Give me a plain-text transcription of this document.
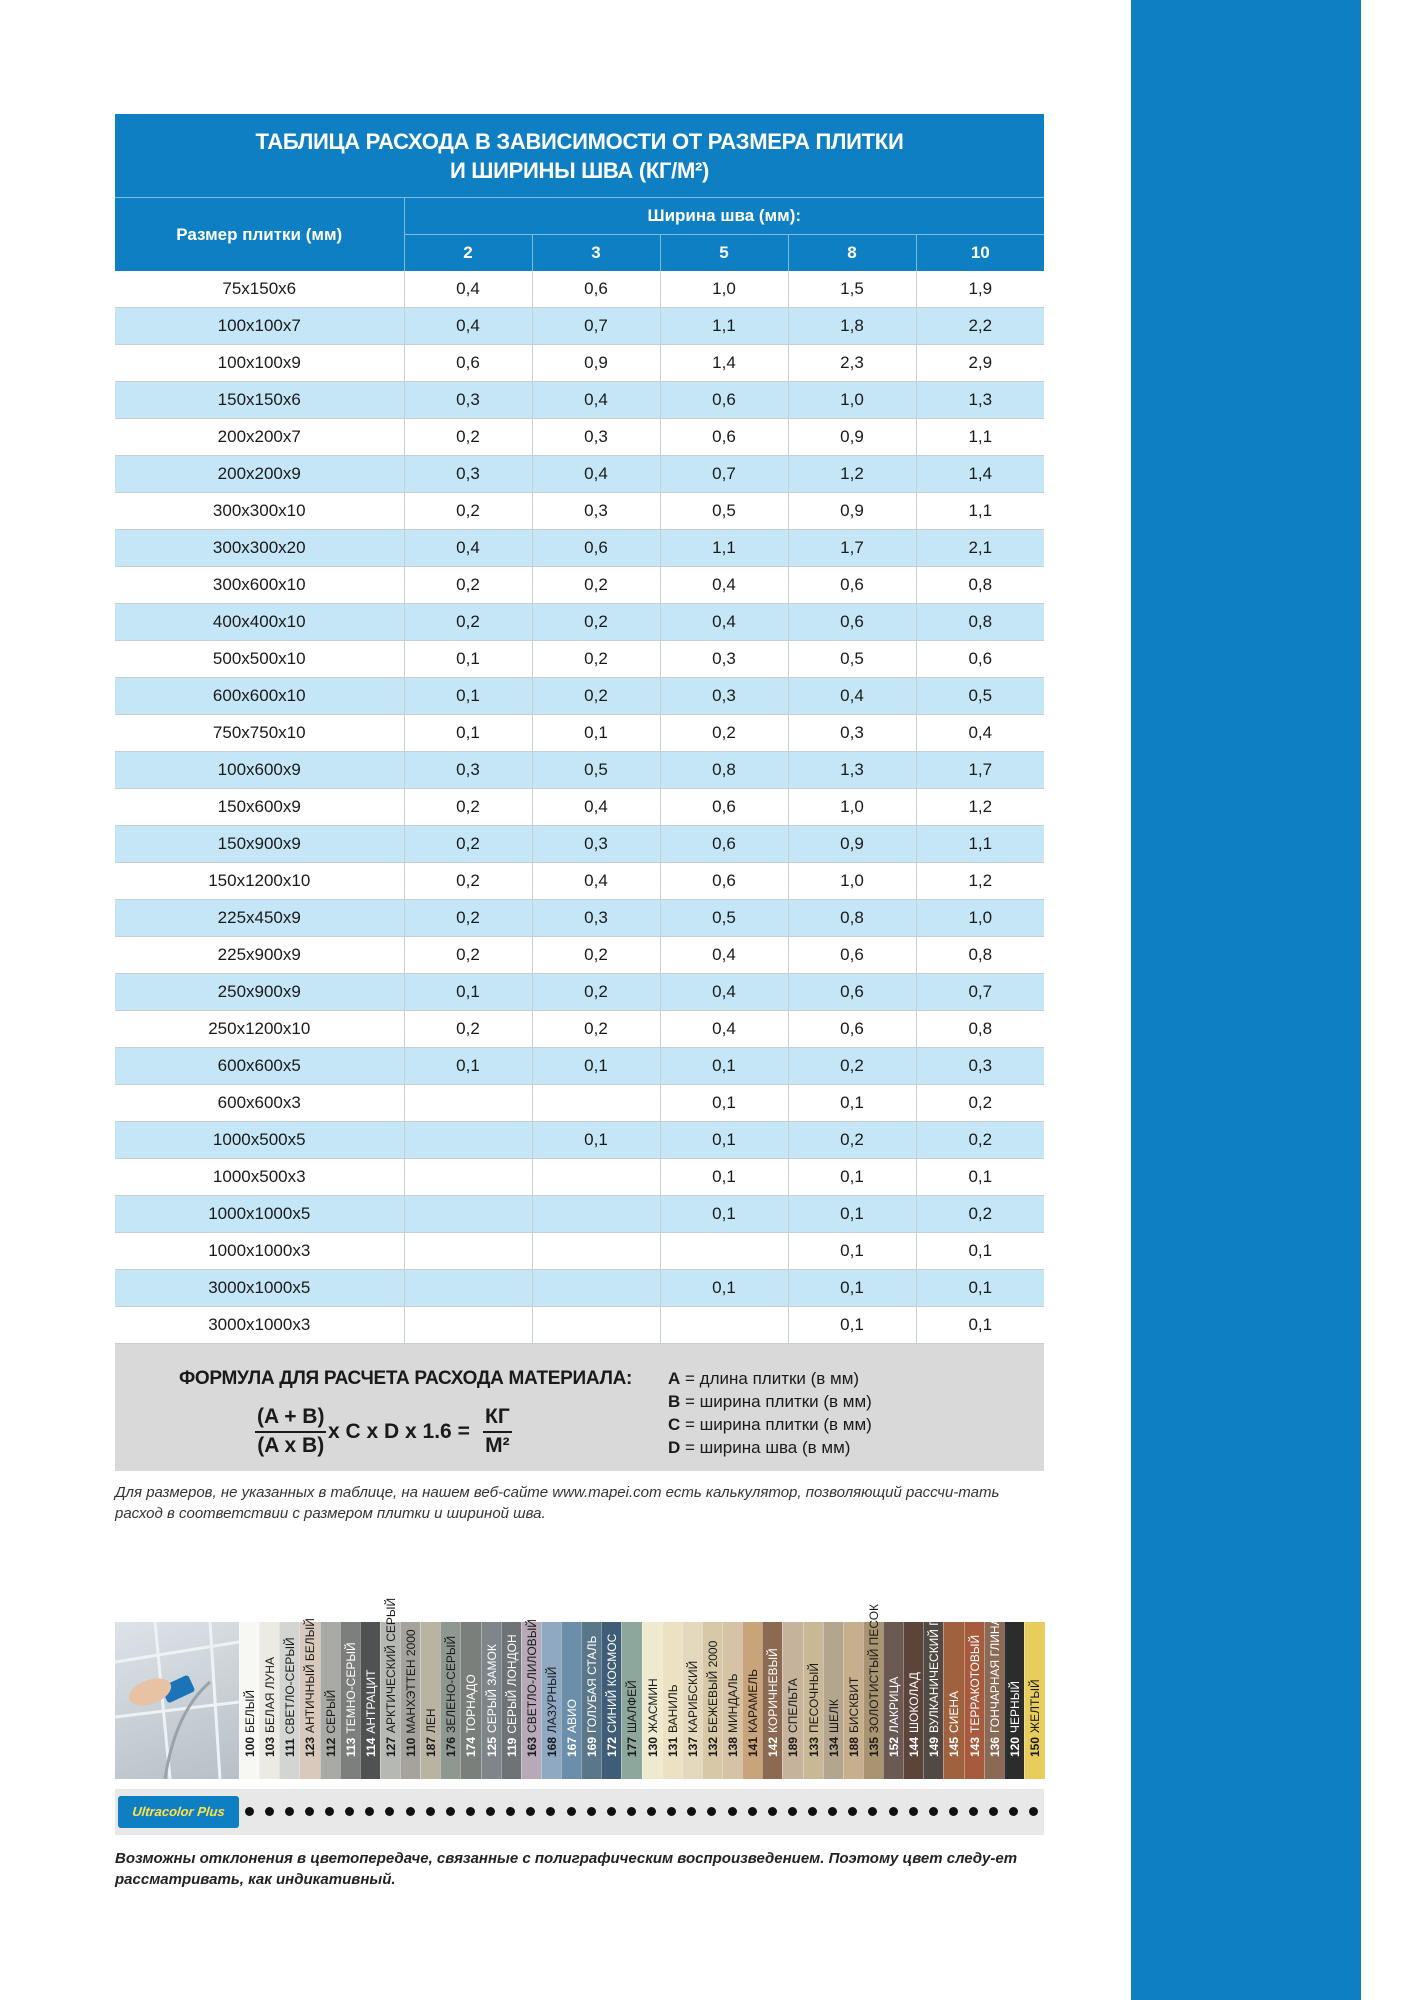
ТАБЛИЦА РАСХОДА В ЗАВИСИМОСТИ ОТ РАЗМЕРА ПЛИТКИ
И ШИРИНЫ ШВА (КГ/М²)
Размер плитки (мм)	Ширина шва (мм):				
	2	3	5	8	10
75x150x6	0,4	0,6	1,0	1,5	1,9
100x100x7	0,4	0,7	1,1	1,8	2,2
100x100x9	0,6	0,9	1,4	2,3	2,9
150x150x6	0,3	0,4	0,6	1,0	1,3
200x200x7	0,2	0,3	0,6	0,9	1,1
200x200x9	0,3	0,4	0,7	1,2	1,4
300x300x10	0,2	0,3	0,5	0,9	1,1
300x300x20	0,4	0,6	1,1	1,7	2,1
300x600x10	0,2	0,2	0,4	0,6	0,8
400x400x10	0,2	0,2	0,4	0,6	0,8
500x500x10	0,1	0,2	0,3	0,5	0,6
600x600x10	0,1	0,2	0,3	0,4	0,5
750x750x10	0,1	0,1	0,2	0,3	0,4
100x600x9	0,3	0,5	0,8	1,3	1,7
150x600x9	0,2	0,4	0,6	1,0	1,2
150x900x9	0,2	0,3	0,6	0,9	1,1
150x1200x10	0,2	0,4	0,6	1,0	1,2
225x450x9	0,2	0,3	0,5	0,8	1,0
225x900x9	0,2	0,2	0,4	0,6	0,8
250x900x9	0,1	0,2	0,4	0,6	0,7
250x1200x10	0,2	0,2	0,4	0,6	0,8
600x600x5	0,1	0,1	0,1	0,2	0,3
600x600x3			0,1	0,1	0,2
1000x500x5		0,1	0,1	0,2	0,2
1000x500x3			0,1	0,1	0,1
1000x1000x5			0,1	0,1	0,2
1000x1000x3				0,1	0,1
3000x1000x5			0,1	0,1	0,1
3000x1000x3				0,1	0,1
ФОРМУЛА ДЛЯ РАСЧЕТА РАСХОДА МАТЕРИАЛА:
$\frac{(A + B)}{\text{(A x B)}}$ x C x D x 1.6 =
КГ
М²
A = длина плитки (в мм)
B = ширина плитки (в мм)
C = ширина плитки (в мм)
D = ширина шва (в мм)
Для размеров, не указанных в таблице, на нашем веб-сайте www.mapei.com есть калькулятор, позволяющий рассчи-тать расход в соответствии с размером плитки и шириной шва.
100БЕЛЫЙ
103БЕЛАЯ ЛУНА
111СВЕТЛО-СЕРЫЙ
123АНТИЧНЫЙ БЕЛЫЙ
112СЕРЫЙ
113ТЕМНО-СЕРЫЙ
114АНТРАЦИТ
127АРКТИЧЕСКИЙ СЕРЫЙ
110МАНХЭТТЕН 2000
187ЛЕН
176ЗЕЛЕНО-СЕРЫЙ
174ТОРНАДО
125СЕРЫЙ ЗАМОК
119СЕРЫЙ ЛОНДОН
163СВЕТЛО-ЛИЛОВЫЙ
168ЛАЗУРНЫЙ
167АВИО
169ГОЛУБАЯ СТАЛЬ
172СИНИЙ КОСМОС
177ШАЛФЕЙ
130ЖАСМИН
131ВАНИЛЬ
137КАРИБСКИЙ
132БЕЖЕВЫЙ 2000
138МИНДАЛЬ
141КАРАМЕЛЬ
142КОРИЧНЕВЫЙ
189СПЕЛЬТА
133ПЕСОЧНЫЙ
134ШЕЛК
188БИСКВИТ
135ЗОЛОТИСТЫЙ ПЕСОК
152ЛАКРИЦА
144ШОКОЛАД
149ВУЛКАНИЧЕСКИЙ ПЕСОК
145СИЕНА
143ТЕРРАКОТОВЫЙ
136ГОНЧАРНАЯ ГЛИНА
120ЧЕРНЫЙ
150ЖЕЛТЫЙ
Ultracolor Plus
Возможны отклонения в цветопередаче, связанные с полиграфическим воспроизведением. Поэтому цвет следу-ет рассматривать, как индикативный.
